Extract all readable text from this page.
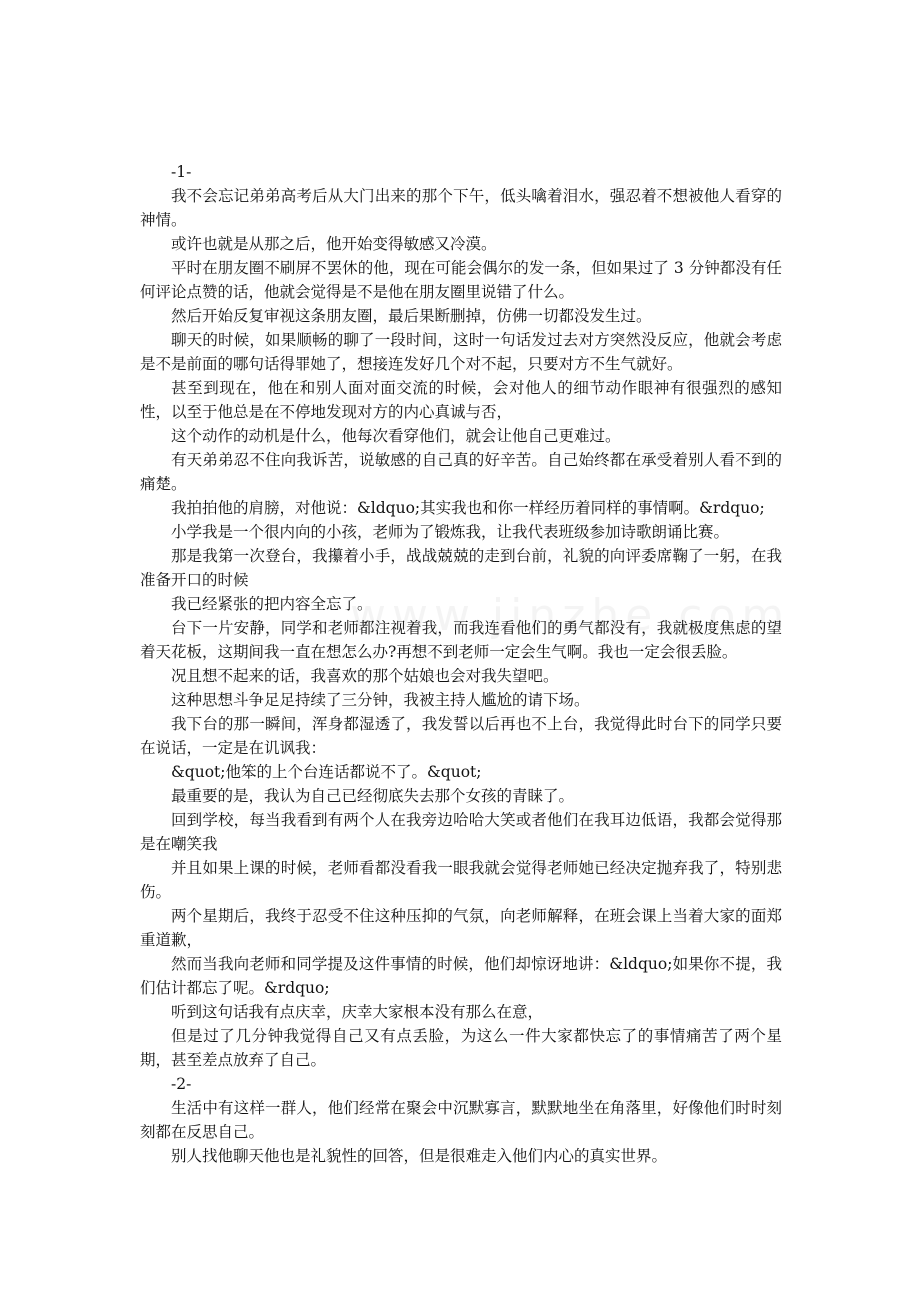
-1-

我不会忘记弟弟高考后从大门出来的那个下午，低头噙着泪水，强忍着不想被他人看穿的神情。

或许也就是从那之后，他开始变得敏感又冷漠。

平时在朋友圈不刷屏不罢休的他，现在可能会偶尔的发一条，但如果过了 3 分钟都没有任何评论点赞的话，他就会觉得是不是他在朋友圈里说错了什么。

然后开始反复审视这条朋友圈，最后果断删掉，仿佛一切都没发生过。

聊天的时候，如果顺畅的聊了一段时间，这时一句话发过去对方突然没反应，他就会考虑是不是前面的哪句话得罪她了，想接连发好几个对不起，只要对方不生气就好。

甚至到现在，他在和别人面对面交流的时候，会对他人的细节动作眼神有很强烈的感知性，以至于他总是在不停地发现对方的内心真诚与否，

这个动作的动机是什么，他每次看穿他们，就会让他自己更难过。

有天弟弟忍不住向我诉苦，说敏感的自己真的好辛苦。自己始终都在承受着别人看不到的痛楚。

我拍拍他的肩膀，对他说：&ldquo;其实我也和你一样经历着同样的事情啊。&rdquo;

小学我是一个很内向的小孩，老师为了锻炼我，让我代表班级参加诗歌朗诵比赛。

那是我第一次登台，我攥着小手，战战兢兢的走到台前，礼貌的向评委席鞠了一躬，在我准备开口的时候

我已经紧张的把内容全忘了。

台下一片安静，同学和老师都注视着我，而我连看他们的勇气都没有，我就极度焦虑的望着天花板，这期间我一直在想怎么办?再想不到老师一定会生气啊。我也一定会很丢脸。

况且想不起来的话，我喜欢的那个姑娘也会对我失望吧。

这种思想斗争足足持续了三分钟，我被主持人尴尬的请下场。

我下台的那一瞬间，浑身都湿透了，我发誓以后再也不上台，我觉得此时台下的同学只要在说话，一定是在讥讽我：

&quot;他笨的上个台连话都说不了。&quot;

最重要的是，我认为自己已经彻底失去那个女孩的青睐了。

回到学校，每当我看到有两个人在我旁边哈哈大笑或者他们在我耳边低语，我都会觉得那是在嘲笑我

并且如果上课的时候，老师看都没看我一眼我就会觉得老师她已经决定抛弃我了，特别悲伤。

两个星期后，我终于忍受不住这种压抑的气氛，向老师解释，在班会课上当着大家的面郑重道歉，

然而当我向老师和同学提及这件事情的时候，他们却惊讶地讲：&ldquo;如果你不提，我们估计都忘了呢。&rdquo;

听到这句话我有点庆幸，庆幸大家根本没有那么在意，

但是过了几分钟我觉得自己又有点丢脸，为这么一件大家都快忘了的事情痛苦了两个星期，甚至差点放弃了自己。

-2-

生活中有这样一群人，他们经常在聚会中沉默寡言，默默地坐在角落里，好像他们时时刻刻都在反思自己。

别人找他聊天他也是礼貌性的回答，但是很难走入他们内心的真实世界。
